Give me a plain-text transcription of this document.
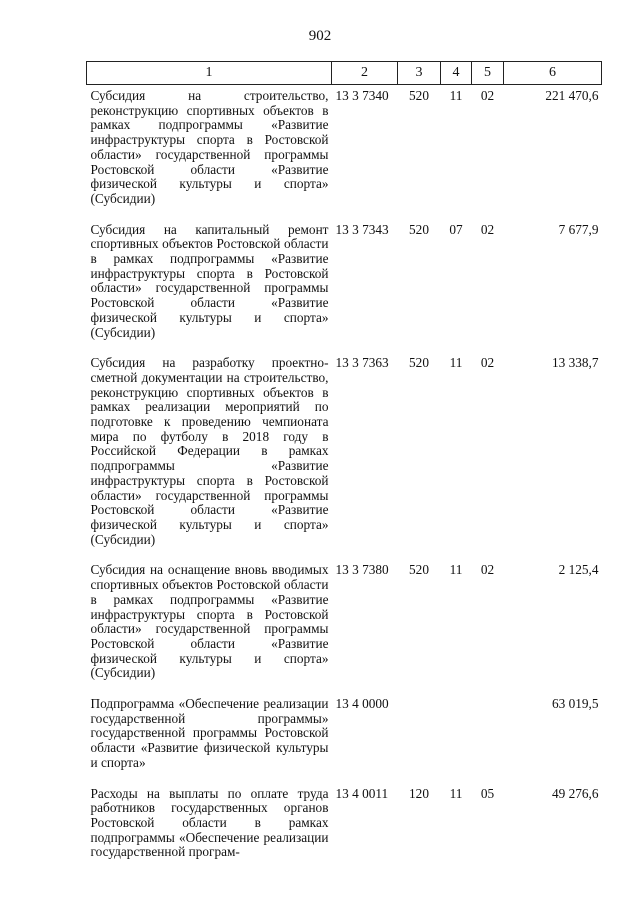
902
1	2	3	4	5	6
Субсидия на строительство, реконструкцию спортивных объектов в рамках подпрограммы «Развитие инфраструктуры спорта в Ростовской области» государственной программы Ростовской области «Развитие физической культуры и спорта» (Субсидии)	13 3 7340	520	11	02	221 470,6
Субсидия на капитальный ремонт спортивных объектов Ростовской области в рамках подпрограммы «Развитие инфраструктуры спорта в Ростовской области» государственной программы Ростовской области «Развитие физической культуры и спорта» (Субсидии)	13 3 7343	520	07	02	7 677,9
Субсидия на разработку проектно-сметной документации на строительство, реконструкцию спортивных объектов в рамках реализации мероприятий по подготовке к проведению чемпионата мира по футболу в 2018 году в Российской Федерации в рамках подпрограммы «Развитие инфраструктуры спорта в Ростовской области» государственной программы Ростовской области «Развитие физической культуры и спорта» (Субсидии)	13 3 7363	520	11	02	13 338,7
Субсидия на оснащение вновь вводимых спортивных объектов Ростовской области в рамках подпрограммы «Развитие инфраструктуры спорта в Ростовской области» государственной программы Ростовской области «Развитие физической культуры и спорта» (Субсидии)	13 3 7380	520	11	02	2 125,4
Подпрограмма «Обеспечение реализации государственной программы» государственной программы Ростовской области «Развитие физической культуры и спорта»	13 4 0000				63 019,5
Расходы на выплаты по оплате труда работников государственных органов Ростовской области в рамках подпрограммы «Обеспечение реализации государственной програм-	13 4 0011	120	11	05	49 276,6
